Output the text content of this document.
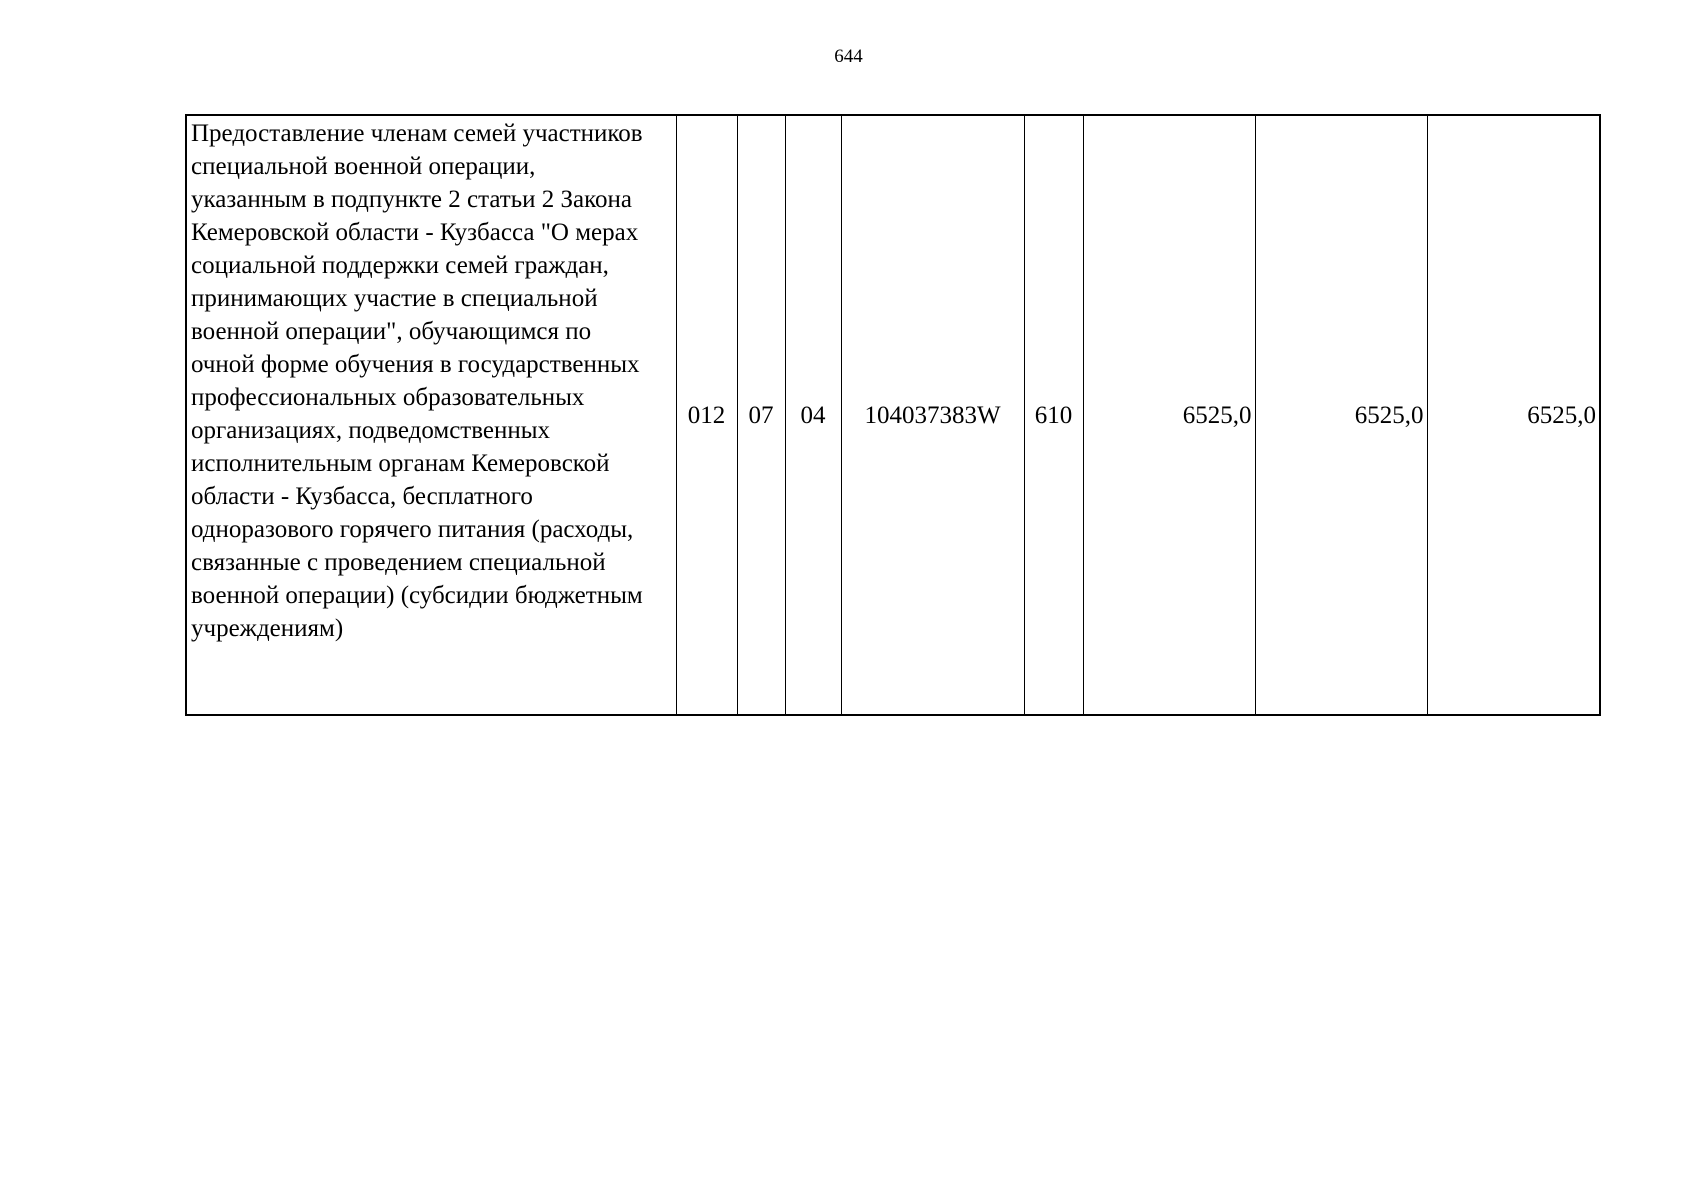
644
Предоставление членам семей участников
специальной военной операции,
указанным в подпункте 2 статьи 2 Закона
Кемеровской области - Кузбасса "О мерах
социальной поддержки семей граждан,
принимающих участие в специальной
военной операции", обучающимся по
очной форме обучения в государственных
профессиональных образовательных
организациях, подведомственных
исполнительным органам Кемеровской
области - Кузбасса, бесплатного
одноразового горячего питания (расходы,
связанные с проведением специальной
военной операции) (субсидии бюджетным
учреждениям)	012	07	04	104037383W	610	6525,0	6525,0	6525,0
